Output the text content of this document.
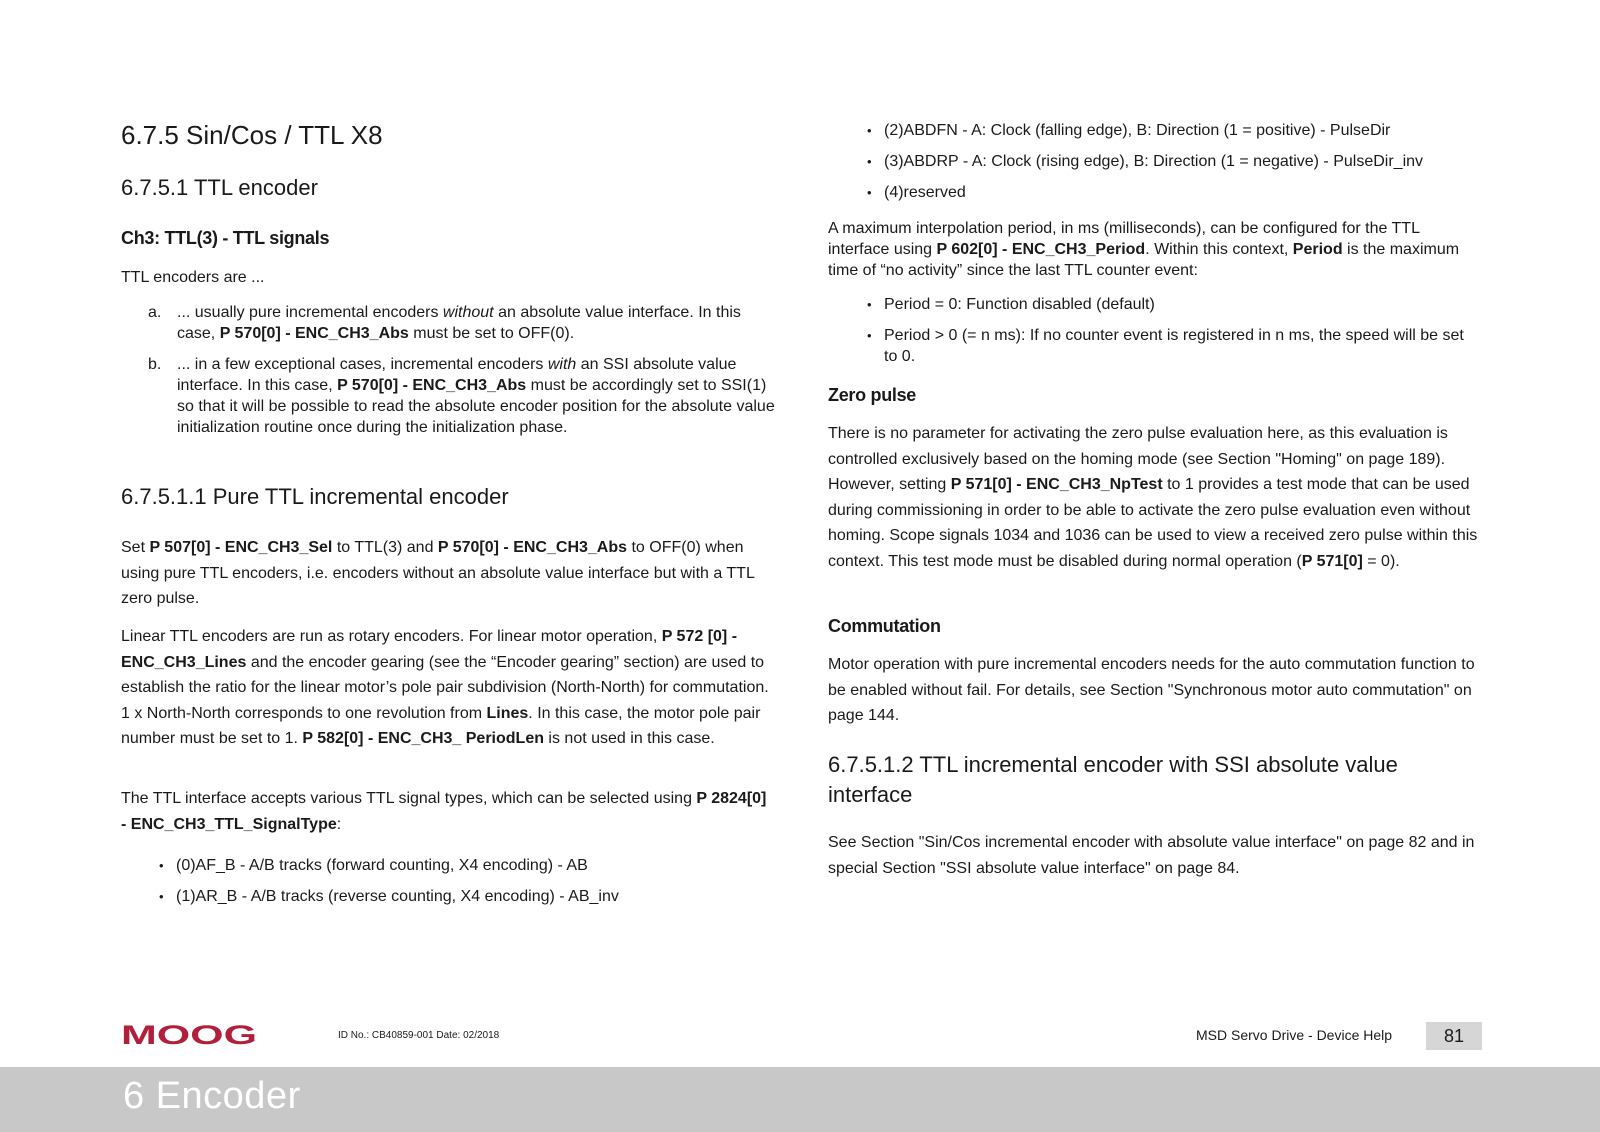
6.7.5 Sin/Cos / TTL X8
6.7.5.1 TTL encoder
Ch3: TTL(3) - TTL signals

TTL encoders are ...

a. ... usually pure incremental encoders without an absolute value interface. In this case, P 570[0] - ENC_CH3_Abs must be set to OFF(0).
b. ... in a few exceptional cases, incremental encoders with an SSI absolute value interface. In this case, P 570[0] - ENC_CH3_Abs must be accordingly set to SSI(1) so that it will be possible to read the absolute encoder position for the absolute value initialization routine once during the initialization phase.
6.7.5.1.1 Pure TTL incremental encoder

Set P 507[0] - ENC_CH3_Sel to TTL(3) and P 570[0] - ENC_CH3_Abs to OFF(0) when using pure TTL encoders, i.e. encoders without an absolute value interface but with a TTL zero pulse.

Linear TTL encoders are run as rotary encoders. For linear motor operation, P 572 [0] - ENC_CH3_Lines and the encoder gearing (see the “Encoder gearing” section) are used to establish the ratio for the linear motor’s pole pair subdivision (North-North) for commutation. 1 x North-North corresponds to one revolution from Lines. In this case, the motor pole pair number must be set to 1. P 582[0] - ENC_CH3_ PeriodLen is not used in this case.

The TTL interface accepts various TTL signal types, which can be selected using P 2824[0] - ENC_CH3_TTL_SignalType:

• (0)AF_B - A/B tracks (forward counting, X4 encoding) - AB
• (1)AR_B - A/B tracks (reverse counting, X4 encoding) - AB_inv
• (2)ABDFN - A: Clock (falling edge), B: Direction (1 = positive) - PulseDir
• (3)ABDRP - A: Clock (rising edge), B: Direction (1 = negative) - PulseDir_inv
• (4)reserved

A maximum interpolation period, in ms (milliseconds), can be configured for the TTL interface using P 602[0] - ENC_CH3_Period. Within this context, Period is the maximum time of “no activity” since the last TTL counter event:

• Period = 0: Function disabled (default)
• Period > 0 (= n ms): If no counter event is registered in n ms, the speed will be set to 0.
Zero pulse

There is no parameter for activating the zero pulse evaluation here, as this evaluation is controlled exclusively based on the homing mode (see Section "Homing" on page 189). However, setting P 571[0] - ENC_CH3_NpTest to 1 provides a test mode that can be used during commissioning in order to be able to activate the zero pulse evaluation even without homing. Scope signals 1034 and 1036 can be used to view a received zero pulse within this context. This test mode must be disabled during normal operation (P 571[0] = 0).

Commutation

Motor operation with pure incremental encoders needs for the auto commutation function to be enabled without fail. For details, see Section "Synchronous motor auto commutation" on page 144.

6.7.5.1.2 TTL incremental encoder with SSI absolute value interface

See Section "Sin/Cos incremental encoder with absolute value interface" on page 82 and in special Section "SSI absolute value interface" on page 84.

MOOG	ID No.: CB40859-001 Date: 02/2018	MSD Servo Drive - Device Help	81
6 Encoder
